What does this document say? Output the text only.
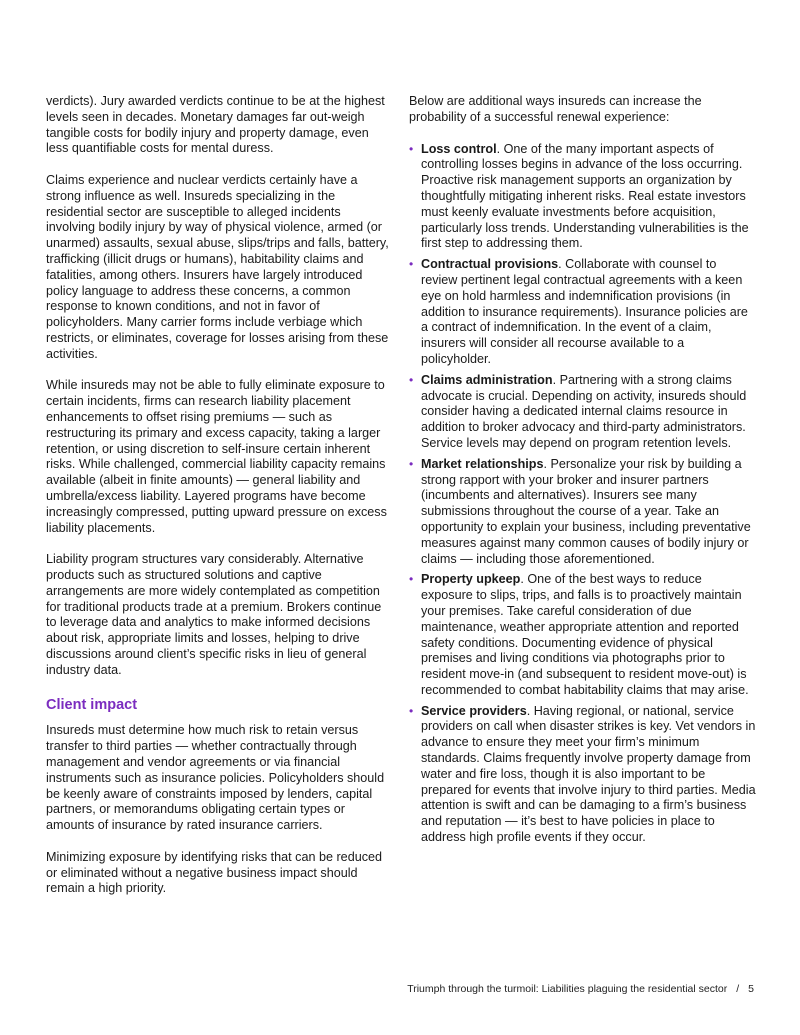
verdicts). Jury awarded verdicts continue to be at the highest levels seen in decades. Monetary damages far out-weigh tangible costs for bodily injury and property damage, even less quantifiable costs for mental duress.

Claims experience and nuclear verdicts certainly have a strong influence as well. Insureds specializing in the residential sector are susceptible to alleged incidents involving bodily injury by way of physical violence, armed (or unarmed) assaults, sexual abuse, slips/trips and falls, battery, trafficking (illicit drugs or humans), habitability claims and fatalities, among others. Insurers have largely introduced policy language to address these concerns, a common response to known conditions, and not in favor of policyholders. Many carrier forms include verbiage which restricts, or eliminates, coverage for losses arising from these activities.

While insureds may not be able to fully eliminate exposure to certain incidents, firms can research liability placement enhancements to offset rising premiums — such as restructuring its primary and excess capacity, taking a larger retention, or using discretion to self-insure certain inherent risks. While challenged, commercial liability capacity remains available (albeit in finite amounts) — general liability and umbrella/excess liability. Layered programs have become increasingly compressed, putting upward pressure on excess liability placements.

Liability program structures vary considerably. Alternative products such as structured solutions and captive arrangements are more widely contemplated as competition for traditional products trade at a premium. Brokers continue to leverage data and analytics to make informed decisions about risk, appropriate limits and losses, helping to drive discussions around client’s specific risks in lieu of general industry data.

Client impact

Insureds must determine how much risk to retain versus transfer to third parties — whether contractually through management and vendor agreements or via financial instruments such as insurance policies. Policyholders should be keenly aware of constraints imposed by lenders, capital partners, or memorandums obligating certain types or amounts of insurance by rated insurance carriers.

Minimizing exposure by identifying risks that can be reduced or eliminated without a negative business impact should remain a high priority.

Below are additional ways insureds can increase the probability of a successful renewal experience:

• Loss control. One of the many important aspects of controlling losses begins in advance of the loss occurring. Proactive risk management supports an organization by thoughtfully mitigating inherent risks. Real estate investors must keenly evaluate investments before acquisition, particularly loss trends. Understanding vulnerabilities is the first step to addressing them.
• Contractual provisions. Collaborate with counsel to review pertinent legal contractual agreements with a keen eye on hold harmless and indemnification provisions (in addition to insurance requirements). Insurance policies are a contract of indemnification. In the event of a claim, insurers will consider all recourse available to a policyholder.
• Claims administration. Partnering with a strong claims advocate is crucial. Depending on activity, insureds should consider having a dedicated internal claims resource in addition to broker advocacy and third-party administrators. Service levels may depend on program retention levels.
• Market relationships. Personalize your risk by building a strong rapport with your broker and insurer partners (incumbents and alternatives). Insurers see many submissions throughout the course of a year. Take an opportunity to explain your business, including preventative measures against many common causes of bodily injury or claims — including those aforementioned.
• Property upkeep. One of the best ways to reduce exposure to slips, trips, and falls is to proactively maintain your premises. Take careful consideration of due maintenance, weather appropriate attention and reported safety conditions. Documenting evidence of physical premises and living conditions via photographs prior to resident move-in (and subsequent to resident move-out) is recommended to combat habitability claims that may arise.
• Service providers. Having regional, or national, service providers on call when disaster strikes is key. Vet vendors in advance to ensure they meet your firm’s minimum standards. Claims frequently involve property damage from water and fire loss, though it is also important to be prepared for events that involve injury to third parties. Media attention is swift and can be damaging to a firm’s business and reputation — it’s best to have policies in place to address high profile events if they occur.
Triumph through the turmoil: Liabilities plaguing the residential sector / 5
